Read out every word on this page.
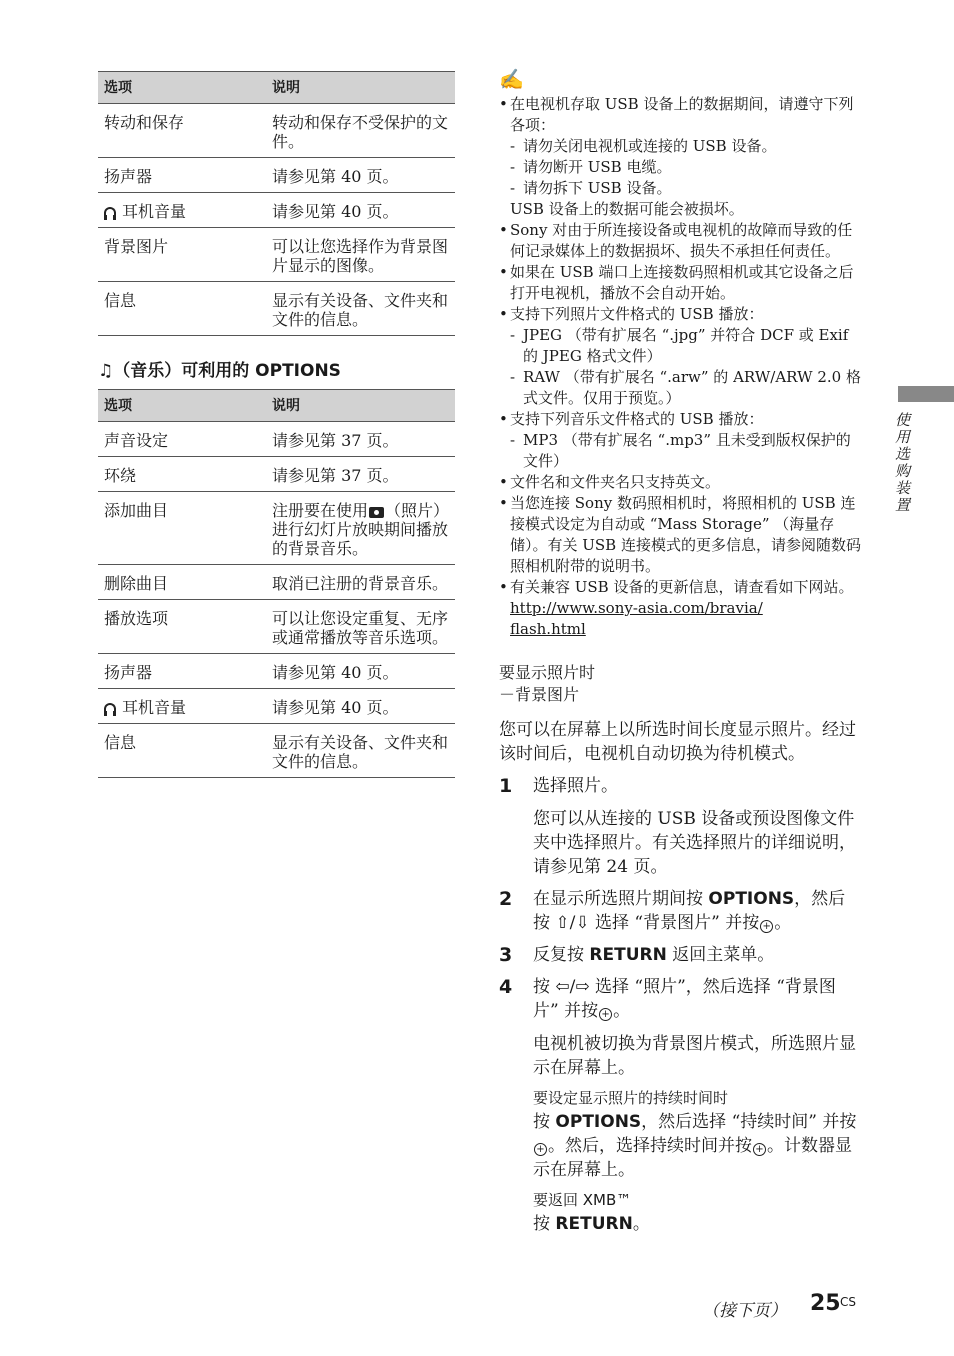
选项	说明
转动和保存	转动和保存不受保护的文件。
扬声器	请参见第 40 页。
耳机音量	请参见第 40 页。
背景图片	可以让您选择作为背景图片显示的图像。
信息	显示有关设备、文件夹和文件的信息。
♫（音乐）可利用的 OPTIONS
选项	说明
声音设定	请参见第 37 页。
环绕	请参见第 37 页。
添加曲目	注册要在使用 （照片）进行幻灯片放映期间播放的背景音乐。
删除曲目	取消已注册的背景音乐。
播放选项	可以让您设定重复、无序或通常播放等音乐选项。
扬声器	请参见第 40 页。
耳机音量	请参见第 40 页。
信息	显示有关设备、文件夹和文件的信息。
✍
• 在电视机存取 USB 设备上的数据期间，请遵守下列各项：
- 请勿关闭电视机或连接的 USB 设备。
- 请勿断开 USB 电缆。
- 请勿拆下 USB 设备。
USB 设备上的数据可能会被损坏。
• Sony 对由于所连接设备或电视机的故障而导致的任何记录媒体上的数据损坏、损失不承担任何责任。
• 如果在 USB 端口上连接数码照相机或其它设备之后打开电视机，播放不会自动开始。
• 支持下列照片文件格式的 USB 播放：
- JPEG （带有扩展名 “.jpg” 并符合 DCF 或 Exif 的 JPEG 格式文件）
- RAW （带有扩展名 “.arw” 的 ARW/ARW 2.0 格式文件。仅用于预览。）
• 支持下列音乐文件格式的 USB 播放：
- MP3 （带有扩展名 “.mp3” 且未受到版权保护的文件）
• 文件名和文件夹名只支持英文。
• 当您连接 Sony 数码照相机时，将照相机的 USB 连接模式设定为自动或 “Mass Storage” （海量存储）。有关 USB 连接模式的更多信息，请参阅随数码照相机附带的说明书。
• 有关兼容 USB 设备的更新信息，请查看如下网站。
http://www.sony-asia.com/bravia/
flash.html
要显示照片时
－背景图片
您可以在屏幕上以所选时间长度显示照片。经过该时间后，电视机自动切换为待机模式。
1 选择照片。

您可以从连接的 USB 设备或预设图像文件夹中选择照片。有关选择照片的详细说明，请参见第 24 页。

2 在显示所选照片期间按 OPTIONS，然后按 ⇧/⇩ 选择 “背景图片” 并按 + 。

3 反复按 RETURN 返回主菜单。

4 按 ⇦/⇨ 选择 “照片”，然后选择 “背景图片” 并按 + 。

电视机被切换为背景图片模式，所选照片显示在屏幕上。

要设定显示照片的持续时间时

按 OPTIONS，然后选择 “持续时间” 并按+ 。然后，选择持续时间并按 + 。计数器显示在屏幕上。

要返回 XMB™

按 RETURN。

使用选购装置
（接下页） 25 CS
